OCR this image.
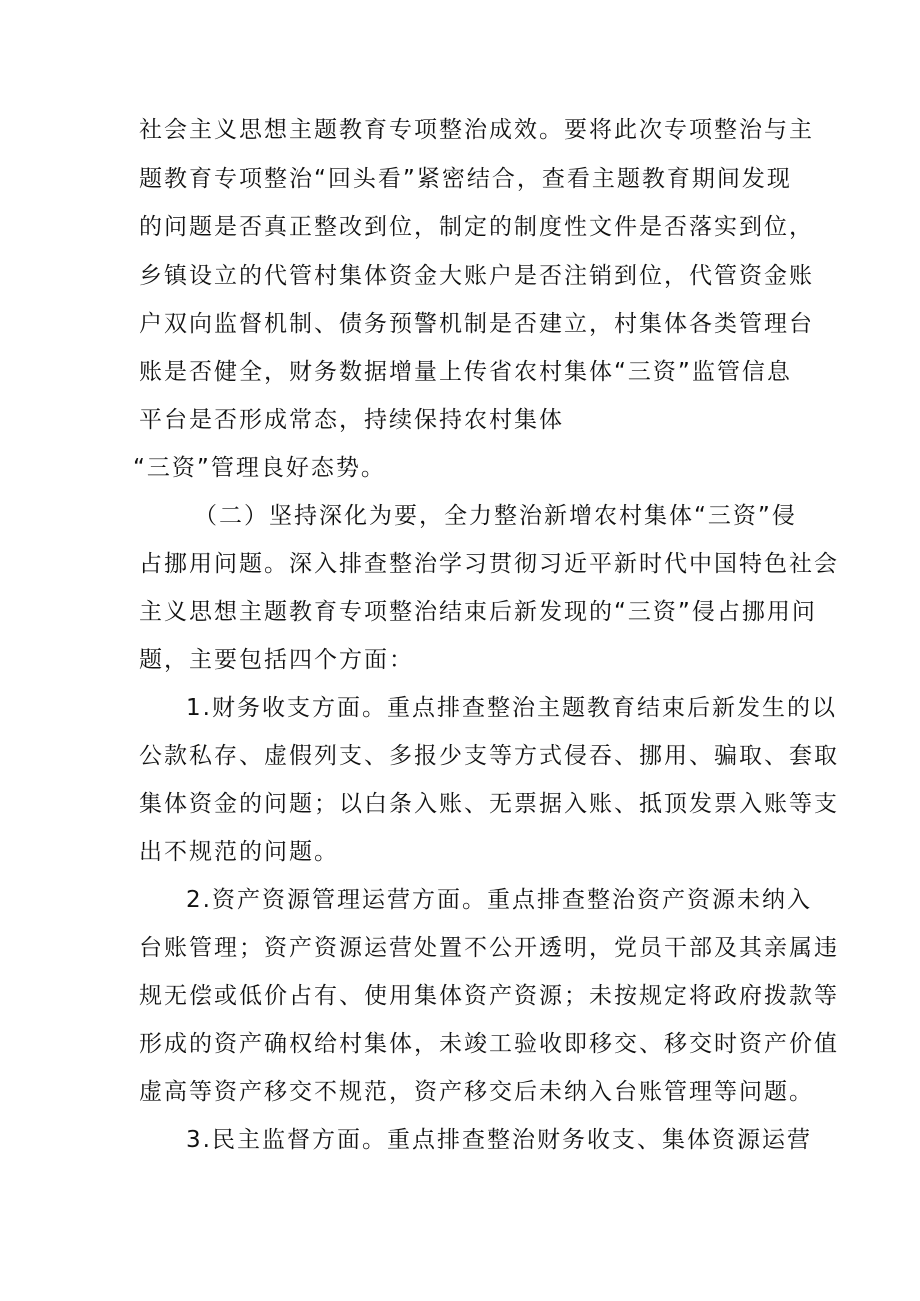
社会主义思想主题教育专项整治成效。要将此次专项整治与主

题教育专项整治“回头看”紧密结合，查看主题教育期间发现

的问题是否真正整改到位，制定的制度性文件是否落实到位，

乡镇设立的代管村集体资金大账户是否注销到位，代管资金账

户双向监督机制、债务预警机制是否建立，村集体各类管理台

账是否健全，财务数据增量上传省农村集体“三资”监管信息

平台是否形成常态，持续保持农村集体

“三资”管理良好态势。

（二）坚持深化为要，全力整治新增农村集体“三资”侵

占挪用问题。深入排查整治学习贯彻习近平新时代中国特色社会

主义思想主题教育专项整治结束后新发现的“三资”侵占挪用问

题，主要包括四个方面：

1.财务收支方面。重点排查整治主题教育结束后新发生的以

公款私存、虚假列支、多报少支等方式侵吞、挪用、骗取、套取

集体资金的问题；以白条入账、无票据入账、抵顶发票入账等支

出不规范的问题。

2.资产资源管理运营方面。重点排查整治资产资源未纳入

台账管理；资产资源运营处置不公开透明，党员干部及其亲属违

规无偿或低价占有、使用集体资产资源；未按规定将政府拨款等

形成的资产确权给村集体，未竣工验收即移交、移交时资产价值

虚高等资产移交不规范，资产移交后未纳入台账管理等问题。

3.民主监督方面。重点排查整治财务收支、集体资源运营
